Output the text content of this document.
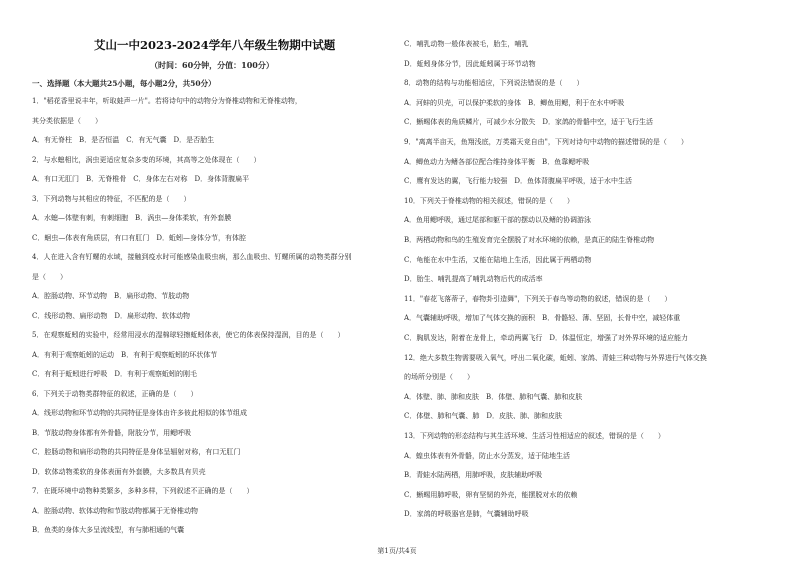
艾山一中2023-2024学年八年级生物期中试题
（时间：60分钟，分值：100分）
一、选择题（本大题共25小题，每小题2分，共50分）
1．"稻花香里说丰年，听取蛙声一片"。若将诗句中的动物分为脊椎动物和无脊椎动物，
其分类依据是（　　）
A．有无脊柱　B．是否恒温　C．有无气囊　D．是否胎生
2．与水螅相比，涡虫更适应复杂多变的环境，其高等之处体现在（　　）
A．有口无肛门　B．无脊椎骨　C．身体左右对称　D．身体背腹扁平
3．下列动物与其相应的特征，不匹配的是（　　）
A．水螅—体壁有刺，有刺细胞　B．涡虫—身体柔软，有外套膜
C．蛔虫—体表有角质层，有口有肛门　D．蚯蚓—身体分节，有体腔
4．人在进入含有钉螺的水域，接触到疫水时可能感染血吸虫病，那么血吸虫、钉螺所属的动物类群分别
是（　　）
A．腔肠动物、环节动物　B．扁形动物、节肢动物
C．线形动物、扁形动物　D．扁形动物、软体动物
5．在观察蚯蚓的实验中，经常用浸水的湿棉球轻擦蚯蚓体表，使它的体表保持湿润，目的是（　　）
A．有利于观察蚯蚓的运动　B．有利于观察蚯蚓的环状体节
C．有利于蚯蚓进行呼吸　D．有利于观察蚯蚓的刚毛
6．下列关于动物类群特征的叙述，正确的是（　　）
A．线形动物和环节动物的共同特征是身体由许多彼此相似的体节组成
B．节肢动物身体都有外骨骼，附肢分节，用鳃呼吸
C．腔肠动物和扁形动物的共同特征是身体呈辐射对称，有口无肛门
D．软体动物柔软的身体表面有外套膜，大多数具有贝壳
7．在既环境中动物种类繁多，多种多样，下列叙述不正确的是（　　）
A．腔肠动物、软体动物和节肢动物都属于无脊椎动物
B．鱼类的身体大多呈流线型，有与肺相通的气囊
C．哺乳动物一般体表被毛，胎生，哺乳
D．蚯蚓身体分节，因此蚯蚓属于环节动物
8．动物的结构与功能相适应，下列说法错误的是（　　）
A．河蚌的贝壳，可以保护柔软的身体　B．鲫鱼用鳃，利于在水中呼吸
C．蜥蜴体表的角质鳞片，可减少水分散失　D．家鸽的骨骼中空，适于飞行生活
9．"离离半亩天，鱼翔浅底，万类霜天竞自由"，下列对诗句中动物的描述错误的是（　　）
A．鲫鱼动力为鳍各部位配合维持身体平衡　B．鱼靠鳃呼吸
C．鹰有发达的翼，飞行能力较强　D．鱼体背腹扁平呼吸，适于水中生活
10．下列关于脊椎动物的相关叙述，错误的是（　　）
A．鱼用鳃呼吸，通过尾部和躯干部的摆动以及鳍的协调游泳
B．两栖动物和鸟的生殖发育完全摆脱了对水环境的依赖，是真正的陆生脊椎动物
C．龟能在水中生活，又能在陆地上生活，因此属于两栖动物
D．胎生、哺乳提高了哺乳动物后代的成活率
11．"春花飞落蒂子，春物卦引造舞"，下列关于春鸟等动物的叙述，错误的是（　　）
A．气囊辅助呼吸，增加了气体交换的面积　B．骨骼轻、薄、坚固，长骨中空，减轻体重
C．胸肌发达，附着在龙骨上，牵动两翼飞行　D．体温恒定，增强了对外界环境的适应能力
12．绝大多数生物需要吸入氧气，呼出二氧化碳，蚯蚓、家鸽、青蛙三种动物与外界进行气体交换
的场所分别是（　　）
A．体壁、肺、肺和皮肤　B．体壁、肺和气囊、肺和皮肤
C．体壁、肺和气囊、肺　D．皮肤、肺、肺和皮肤
13．下列动物的形态结构与其生活环境、生活习性相适应的叙述，错误的是（　　）
A．蝗虫体表有外骨骼，防止水分蒸发，适于陆地生活
B．青蛙水陆两栖，用肺呼吸，皮肤辅助呼吸
C．蜥蜴用肺呼吸，卵有坚韧的外壳，能摆脱对水的依赖
D．家鸽的呼吸器官是肺，气囊辅助呼吸
第1页/共4页
